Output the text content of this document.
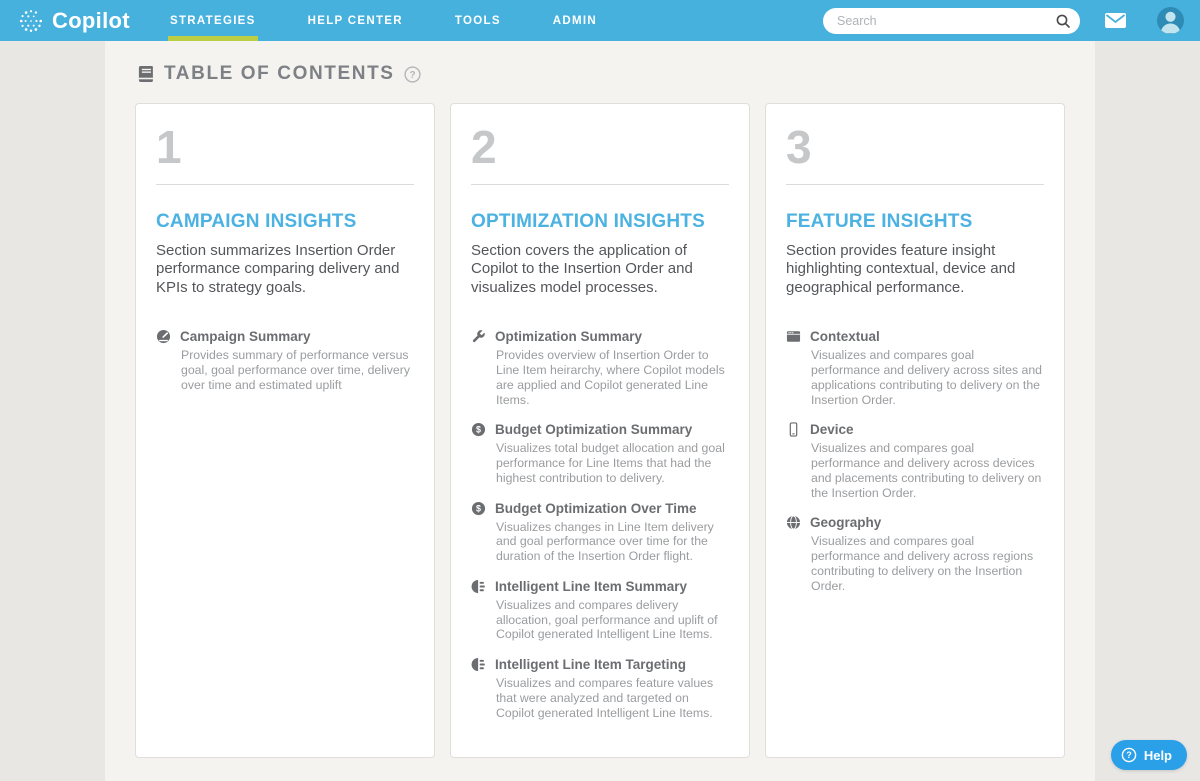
Copilot	STRATEGIES	HELP CENTER	TOOLS	ADMIN
Search
TABLE OF CONTENTS ?
1
CAMPAIGN INSIGHTS

Section summarizes Insertion Order performance comparing delivery and KPIs to strategy goals.

Campaign Summary
Provides summary of performance versus goal, goal performance over time, delivery over time and estimated uplift
2
OPTIMIZATION INSIGHTS

Section covers the application of Copilot to the Insertion Order and visualizes model processes.

Optimization Summary
Provides overview of Insertion Order to Line Item heirarchy, where Copilot models are applied and Copilot generated Line Items.
$ Budget Optimization Summary
Visualizes total budget allocation and goal performance for Line Items that had the highest contribution to delivery.
$ Budget Optimization Over Time
Visualizes changes in Line Item delivery and goal performance over time for the duration of the Insertion Order flight.
Intelligent Line Item Summary
Visualizes and compares delivery allocation, goal performance and uplift of Copilot generated Intelligent Line Items.
Intelligent Line Item Targeting
Visualizes and compares feature values that were analyzed and targeted on Copilot generated Intelligent Line Items.
3
FEATURE INSIGHTS

Section provides feature insight highlighting contextual, device and geographical performance.

Contextual
Visualizes and compares goal performance and delivery across sites and applications contributing to delivery on the Insertion Order.
Device
Visualizes and compares goal performance and delivery across devices and placements contributing to delivery on the Insertion Order.
Geography
Visualizes and compares goal performance and delivery across regions contributing to delivery on the Insertion Order.
? Help
